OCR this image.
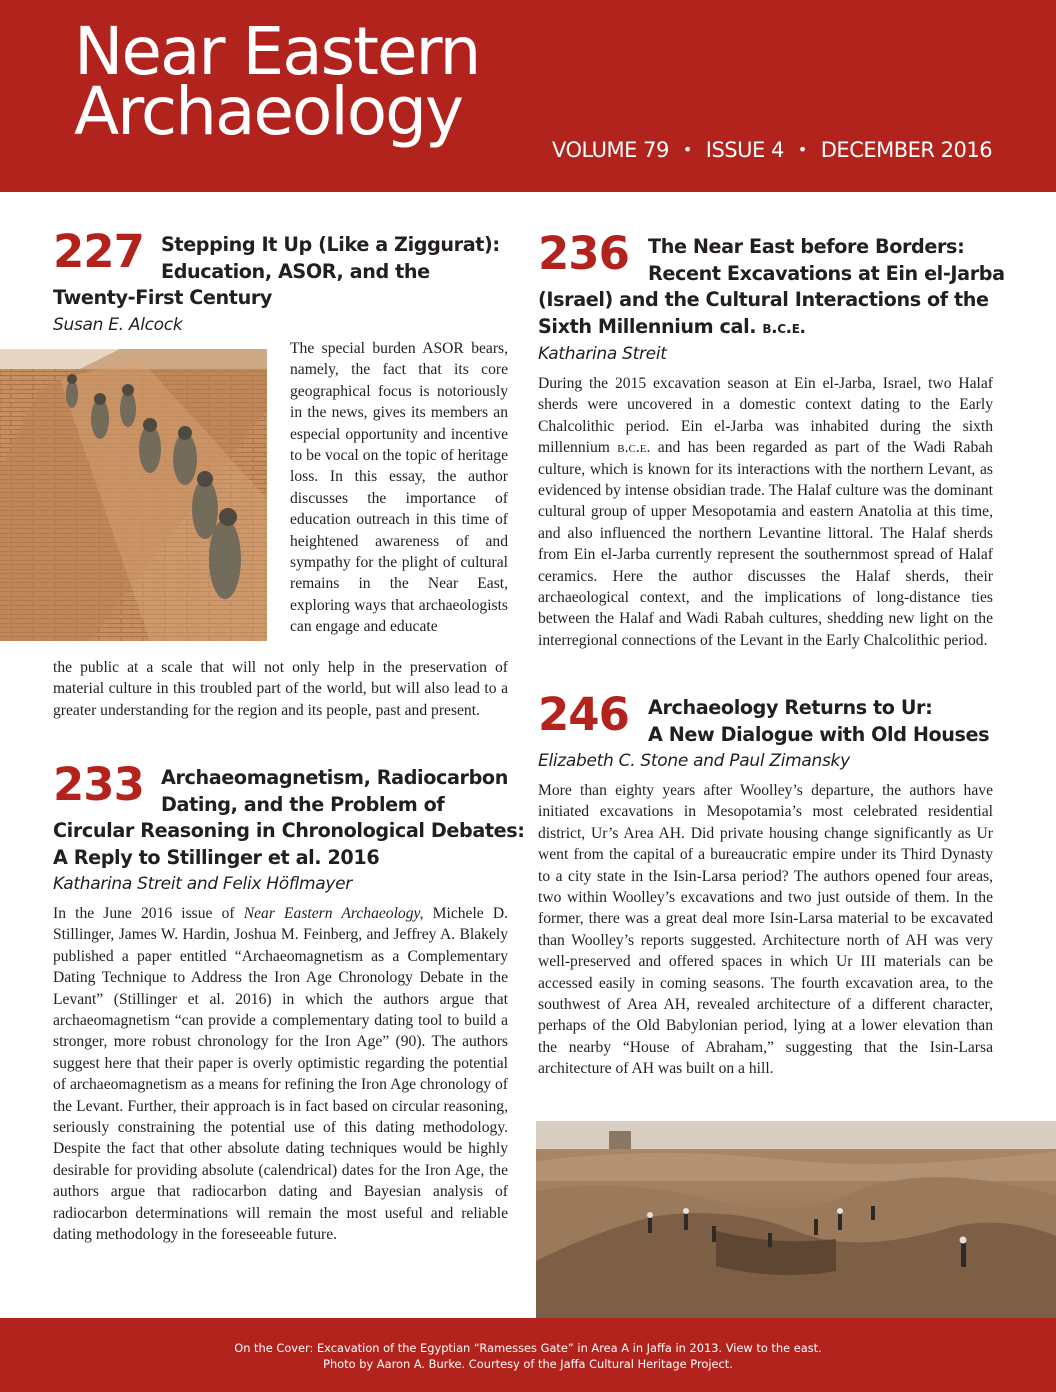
Near Eastern
Archaeology	VOLUME 79 • ISSUE 4 • DECEMBER 2016
227 Stepping It Up (Like a Ziggurat):
Education, ASOR, and the
Twenty-First Century
Susan E. Alcock
The special burden ASOR bears, namely, the fact that its core geographical focus is notoriously in the news, gives its members an especial opportunity and incentive to be vocal on the topic of heritage loss. In this essay, the author discusses the importance of education outreach in this time of heightened awareness of and sympathy for the plight of cultural remains in the Near East, exploring ways that archaeologists can engage and educate
the public at a scale that will not only help in the preservation of material culture in this troubled part of the world, but will also lead to a greater understanding for the region and its people, past and present.
233 Archaeomagnetism, Radiocarbon
Dating, and the Problem of
Circular Reasoning in Chronological Debates:
A Reply to Stillinger et al. 2016
Katharina Streit and Felix Höflmayer
In the June 2016 issue of Near Eastern Archaeology, Michele D. Stillinger, James W. Hardin, Joshua M. Feinberg, and Jeffrey A. Blakely published a paper entitled “Archaeomagnetism as a Complementary Dating Technique to Address the Iron Age Chronology Debate in the Levant” (Stillinger et al. 2016) in which the authors argue that archaeomagnetism “can provide a complementary dating tool to build a stronger, more robust chronology for the Iron Age” (90). The authors suggest here that their paper is overly optimistic regarding the potential of archaeomagnetism as a means for refining the Iron Age chronology of the Levant. Further, their approach is in fact based on circular reasoning, seriously constraining the potential use of this dating methodology. Despite the fact that other absolute dating techniques would be highly desirable for providing absolute (calendrical) dates for the Iron Age, the authors argue that radiocarbon dating and Bayesian analysis of radiocarbon determinations will remain the most useful and reliable dating methodology in the foreseeable future.
236 The Near East before Borders:
Recent Excavations at Ein el-Jarba
(Israel) and the Cultural Interactions of the
Sixth Millennium cal. b.c.e.
Katharina Streit
During the 2015 excavation season at Ein el-Jarba, Israel, two Halaf sherds were uncovered in a domestic context dating to the Early Chalcolithic period. Ein el-Jarba was inhabited during the sixth millennium b.c.e. and has been regarded as part of the Wadi Rabah culture, which is known for its interactions with the northern Levant, as evidenced by intense obsidian trade. The Halaf culture was the dominant cultural group of upper Mesopotamia and eastern Anatolia at this time, and also influenced the northern Levantine littoral. The Halaf sherds from Ein el-Jarba currently represent the southernmost spread of Halaf ceramics. Here the author discusses the Halaf sherds, their archaeological context, and the implications of long-distance ties between the Halaf and Wadi Rabah cultures, shedding new light on the interregional connections of the Levant in the Early Chalcolithic period.
246 Archaeology Returns to Ur:
A New Dialogue with Old Houses
Elizabeth C. Stone and Paul Zimansky
More than eighty years after Woolley’s departure, the authors have initiated excavations in Mesopotamia’s most celebrated residential district, Ur’s Area AH. Did private housing change significantly as Ur went from the capital of a bureaucratic empire under its Third Dynasty to a city state in the Isin-Larsa period? The authors opened four areas, two within Woolley’s excavations and two just outside of them. In the former, there was a great deal more Isin-Larsa material to be excavated than Woolley’s reports suggested. Architecture north of AH was very well-preserved and offered spaces in which Ur III materials can be accessed easily in coming seasons. The fourth excavation area, to the southwest of Area AH, revealed architecture of a different character, perhaps of the Old Babylonian period, lying at a lower elevation than the nearby “House of Abraham,” suggesting that the Isin-Larsa architecture of AH was built on a hill.
On the Cover: Excavation of the Egyptian “Ramesses Gate” in Area A in Jaffa in 2013. View to the east.
Photo by Aaron A. Burke. Courtesy of the Jaffa Cultural Heritage Project.
